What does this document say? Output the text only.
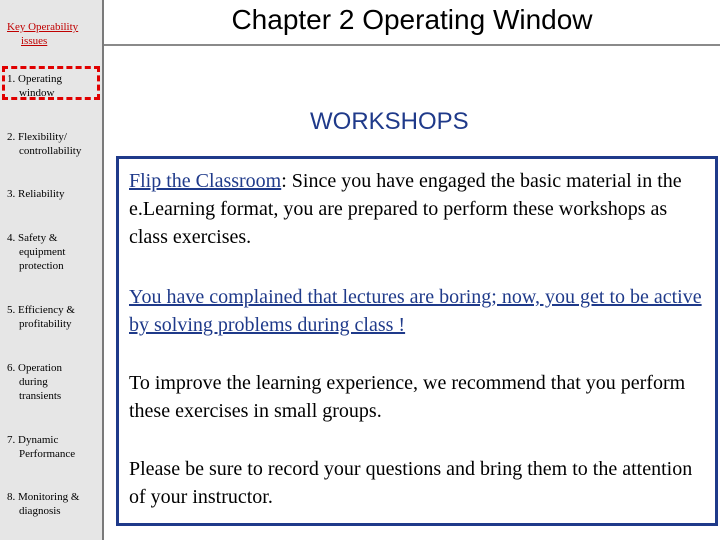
Key Operability
issues
1. Operating
window
2. Flexibility/
controllability
3. Reliability
4. Safety &
equipment
protection
5. Efficiency &
profitability
6. Operation
during
transients
7. Dynamic
Performance
8. Monitoring &
diagnosis
Chapter 2 Operating Window
WORKSHOPS
Flip the Classroom: Since you have engaged the basic material in the e.Learning format, you are prepared to perform these workshops as class exercises.
You have complained that lectures are boring; now, you get to be active by solving problems during class !
To improve the learning experience, we recommend that you perform these exercises in small groups.
Please be sure to record your questions and bring them to the attention of your instructor.
